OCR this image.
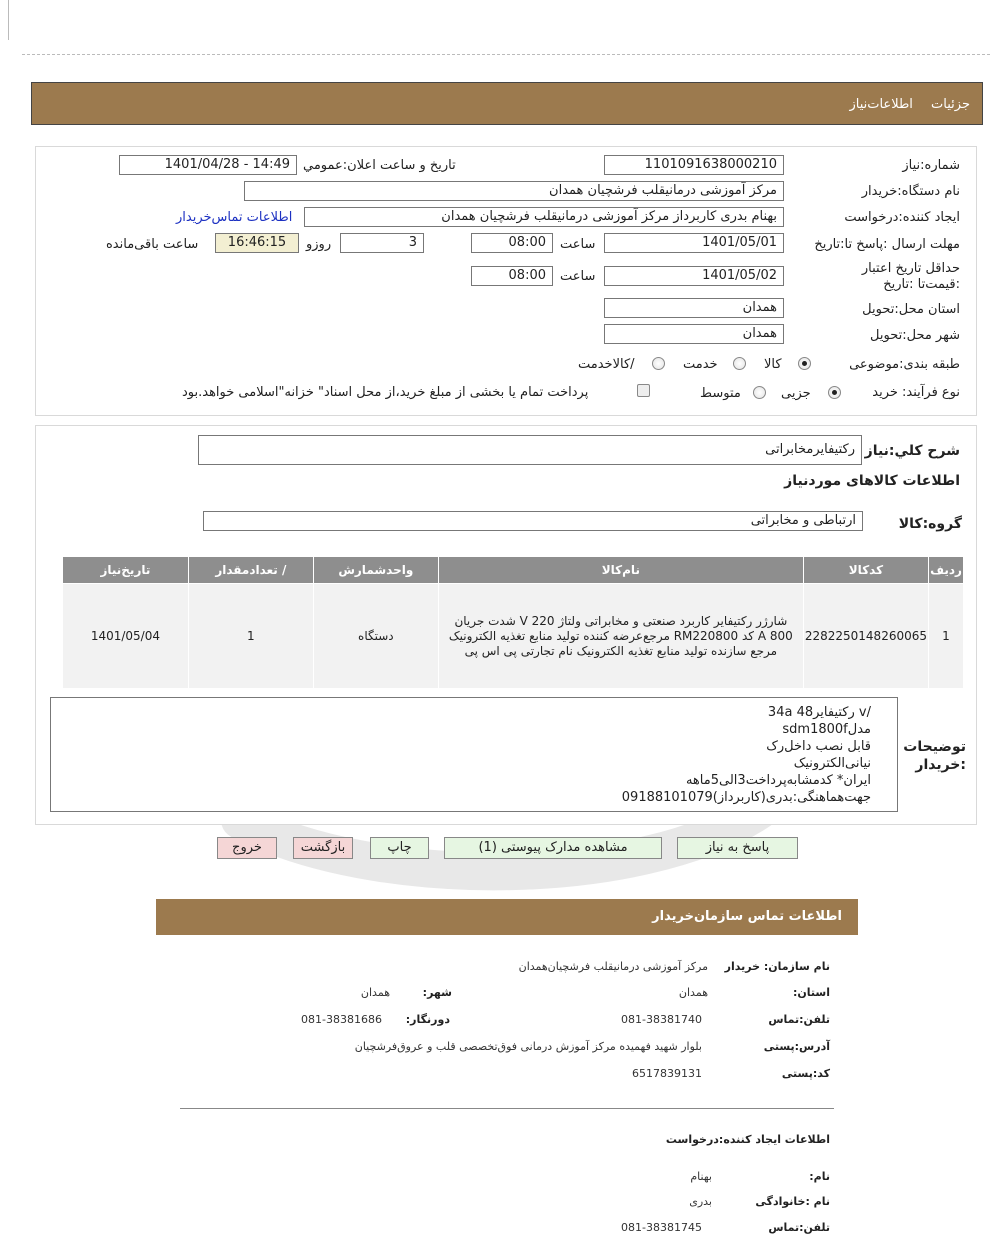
جزئیات اطلاعات‌نیاز
شماره:نیاز
1101091638000210
تاریخ و ساعت اعلان:عمومي
1401/04/28 - 14:49
نام دستگاه:خریدار
مرکز آموزشی درمانیقلب فرشچیان همدان
ایجاد کننده:درخواست
بهنام بدری کاربرداز مرکز آموزشی درمانیقلب فرشچیان همدان
اطلاعات تماس‌خریدار
مهلت ارسال :پاسخ تا:تاریخ
1401/05/01
ساعت
08:00
3
روزو
16:46:15
ساعت باقی‌مانده
حداقل تاریخ اعتبار :قیمت‌تا :تاریخ
1401/05/02
ساعت
08:00
استان محل:تحویل
همدان
شهر محل:تحویل
همدان
طبقه بندی:موضوعی
کالا
خدمت
/کالاخدمت
نوع فرآیند: خرید
جزیی
متوسط
پرداخت تمام یا بخشی از مبلغ خرید،از محل اسناد" خزانه"اسلامی خواهد.بود
شرح کلي:نیاز
رکتیفایرمخابراتی
اطلاعات کالاهای موردنیاز
گروه:کالا
ارتباطی و مخابراتی
ردیف	کدکالا	نام‌کالا	واحدشمارش	/ تعدادمقدار	تاریخ‌نیاز
1	2282250148260065	شارژر رکتیفایر کاربرد صنعتی و مخابراتی ولتاژ 220 V شدت جریان 800 A کد RM220800 مرجع‌عرضه کننده تولید منابع تغذیه الکترونیک مرجع سازنده تولید منابع تغذیه الکترونیک نام تجارتی پی اس پی	دستگاه	1	1401/05/04
توضیحات :خریدار
/v رکتیفایر48 34a
مدلsdm1800f
قابل نصب داخل‌رک
نیانی‌الکترونیک
ایران* کدمشابه‌پرداخت3الی5ماهه
جهت‌هماهنگی:بدری(کاربرداز)09188101079
پاسخ به نیاز
مشاهده مدارک پیوستی (1)
چاپ
بازگشت
خروج
اطلاعات تماس سازمان‌خریدار
نام سازمان: خریدار
مرکز آموزشی درمانیقلب فرشچیان‌همدان
استان:
همدان
شهر:
همدان
تلفن:تماس
081-38381740
دورنگار:
081-38381686
آدرس:پستی
بلوار شهید فهمیده مرکز آموزش درمانی فوق‌تخصصی قلب و عروق‌فرشچیان
کد:پستی
6517839131
اطلاعات ایجاد کننده:درخواست
نام:
بهنام
نام :خانوادگی
بدری
تلفن:تماس
081-38381745
